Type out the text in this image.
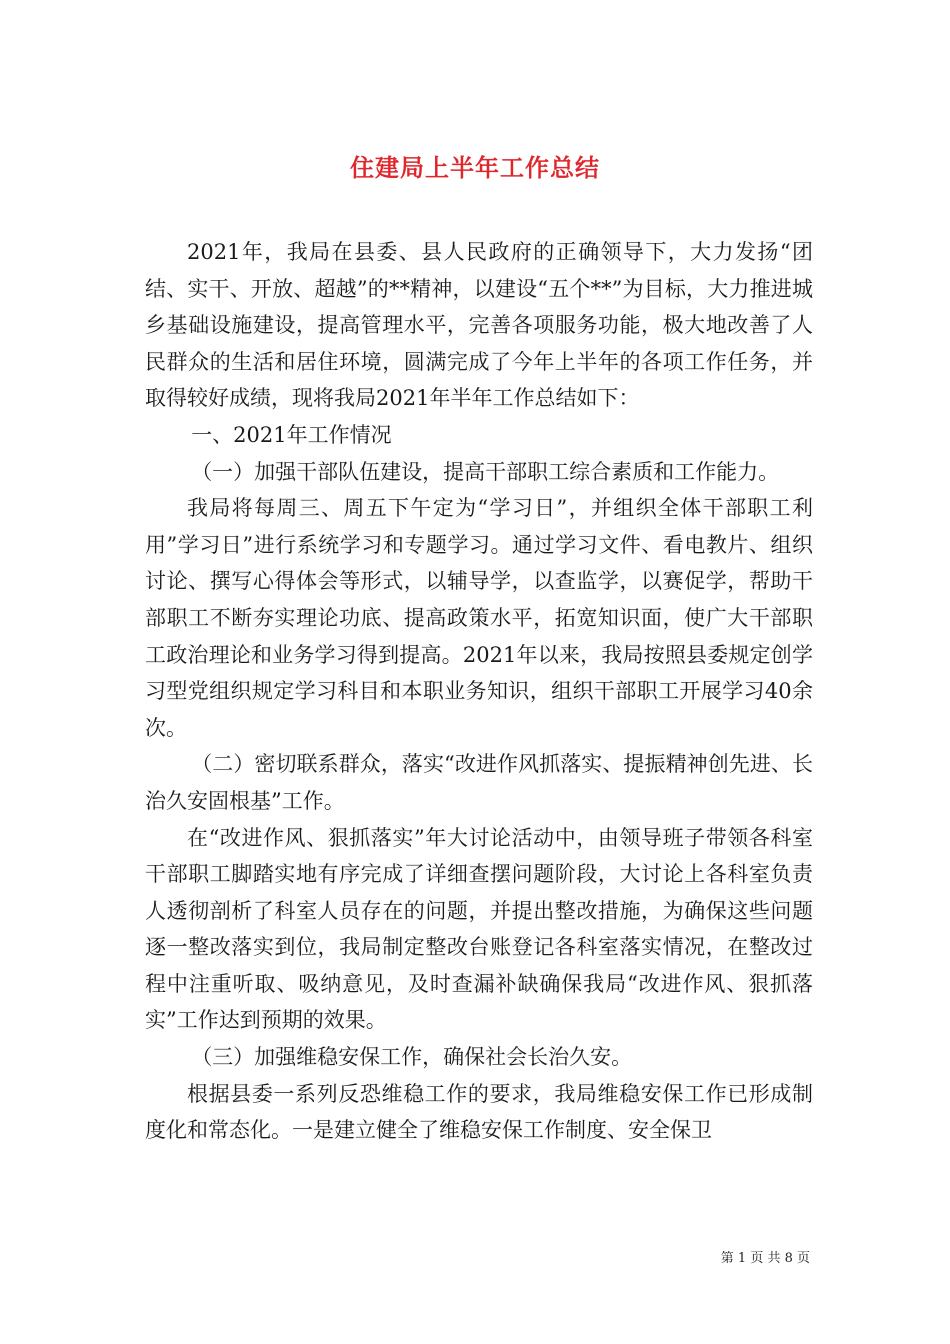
住建局上半年工作总结

2021年，我局在县委、县人民政府的正确领导下，大力发扬“团结、实干、开放、超越”的**精神，以建设“五个**”为目标，大力推进城乡基础设施建设，提高管理水平，完善各项服务功能，极大地改善了人民群众的生活和居住环境，圆满完成了今年上半年的各项工作任务，并取得较好成绩，现将我局2021年半年工作总结如下：

一、2021年工作情况

（一）加强干部队伍建设，提高干部职工综合素质和工作能力。

我局将每周三、周五下午定为“学习日”，并组织全体干部职工利用”学习日”进行系统学习和专题学习。通过学习文件、看电教片、组织讨论、撰写心得体会等形式，以辅导学，以查监学，以赛促学，帮助干部职工不断夯实理论功底、提高政策水平，拓宽知识面，使广大干部职工政治理论和业务学习得到提高。2021年以来，我局按照县委规定创学习型党组织规定学习科目和本职业务知识，组织干部职工开展学习40余次。

（二）密切联系群众，落实“改进作风抓落实、提振精神创先进、长治久安固根基”工作。

在“改进作风、狠抓落实”年大讨论活动中，由领导班子带领各科室干部职工脚踏实地有序完成了详细查摆问题阶段，大讨论上各科室负责人透彻剖析了科室人员存在的问题，并提出整改措施，为确保这些问题逐一整改落实到位，我局制定整改台账登记各科室落实情况，在整改过程中注重听取、吸纳意见，及时查漏补缺确保我局“改进作风、狠抓落实”工作达到预期的效果。

（三）加强维稳安保工作，确保社会长治久安。

根据县委一系列反恐维稳工作的要求，我局维稳安保工作已形成制度化和常态化。一是建立健全了维稳安保工作制度、安全保卫

第 1 页 共 8 页
